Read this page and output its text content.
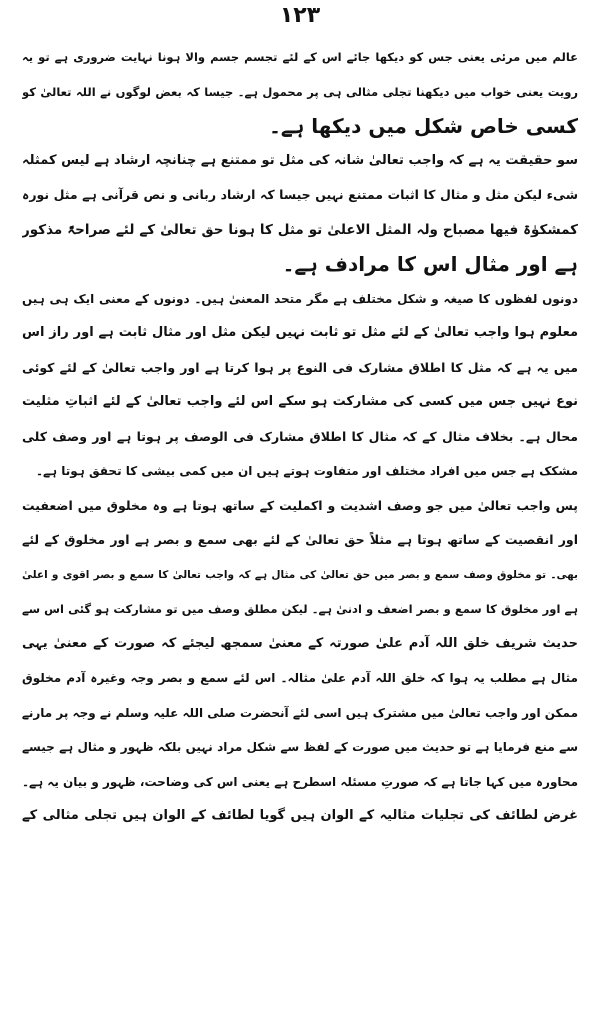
۱۲۳
عالم میں مرئی یعنی جس کو دیکھا جائے اس کے لئے تجسم جسم والا ہونا نہایت ضروری ہے تو یہ
رویت یعنی خواب میں دیکھنا تجلی مثالی ہی پر محمول ہے۔ جیسا کہ بعض لوگوں نے اللہ تعالیٰ کو
کسی خاص شکل میں دیکھا ہے۔
سو حقیقت یہ ہے کہ واجب تعالیٰ شانہ کی مثل تو ممتنع ہے چنانچہ ارشاد ہے لیس کمثلہ
شیء لیکن مثل و مثال کا اثبات ممتنع نہیں جیسا کہ ارشاد ربانی و نص قرآنی ہے مثل نورہ
کمشکوٰۃ فیھا مصباح ولہ المثل الاعلیٰ تو مثل کا ہونا حق تعالیٰ کے لئے صراحۃً مذکور
ہے اور مثال اس کا مرادف ہے۔
دونوں لفظوں کا صیغہ و شکل مختلف ہے مگر متحد المعنیٰ ہیں۔ دونوں کے معنی ایک ہی ہیں
معلوم ہوا واجب تعالیٰ کے لئے مثل تو ثابت نہیں لیکن مثل اور مثال ثابت ہے اور راز اس
میں یہ ہے کہ مثل کا اطلاق مشارک فی النوع پر ہوا کرتا ہے اور واجب تعالیٰ کے لئے کوئی
نوع نہیں جس میں کسی کی مشارکت ہو سکے اس لئے واجب تعالیٰ کے لئے اثباتِ مثلیت
محال ہے۔ بخلاف مثال کے کہ مثال کا اطلاق مشارک فی الوصف پر ہوتا ہے اور وصف کلی
مشکک ہے جس میں افراد مختلف اور متفاوت ہوتے ہیں ان میں کمی بیشی کا تحقق ہوتا ہے۔
پس واجب تعالیٰ میں جو وصف اشدیت و اکملیت کے ساتھ ہوتا ہے وہ مخلوق میں اضعفیت
اور انقصیت کے ساتھ ہوتا ہے مثلاً حق تعالیٰ کے لئے بھی سمع و بصر ہے اور مخلوق کے لئے
بھی۔ تو مخلوق وصف سمع و بصر میں حق تعالیٰ کی مثال ہے کہ واجب تعالیٰ کا سمع و بصر اقوی و اعلیٰ
ہے اور مخلوق کا سمع و بصر اضعف و ادنیٰ ہے۔ لیکن مطلق وصف میں تو مشارکت ہو گئی اس سے
حدیث شریف خلق اللہ آدم علیٰ صورتہ کے معنیٰ سمجھ لیجئے کہ صورت کے معنیٰ یہی
مثال ہے مطلب یہ ہوا کہ خلق اللہ آدم علیٰ مثالہ۔ اس لئے سمع و بصر وجہ وغیرہ آدم مخلوق
ممکن اور واجب تعالیٰ میں مشترک ہیں اسی لئے آنحضرت صلی اللہ علیہ وسلم نے وجہ پر مارنے
سے منع فرمایا ہے تو حدیث میں صورت کے لفظ سے شکل مراد نہیں بلکہ ظہور و مثال ہے جیسے
محاورہ میں کہا جاتا ہے کہ صورتِ مسئلہ اسطرح ہے یعنی اس کی وضاحت، ظہور و بیان یہ ہے۔
غرض لطائف کی تجلیات مثالیہ کے الوان ہیں گویا لطائف کے الوان ہیں تجلی مثالی کے
